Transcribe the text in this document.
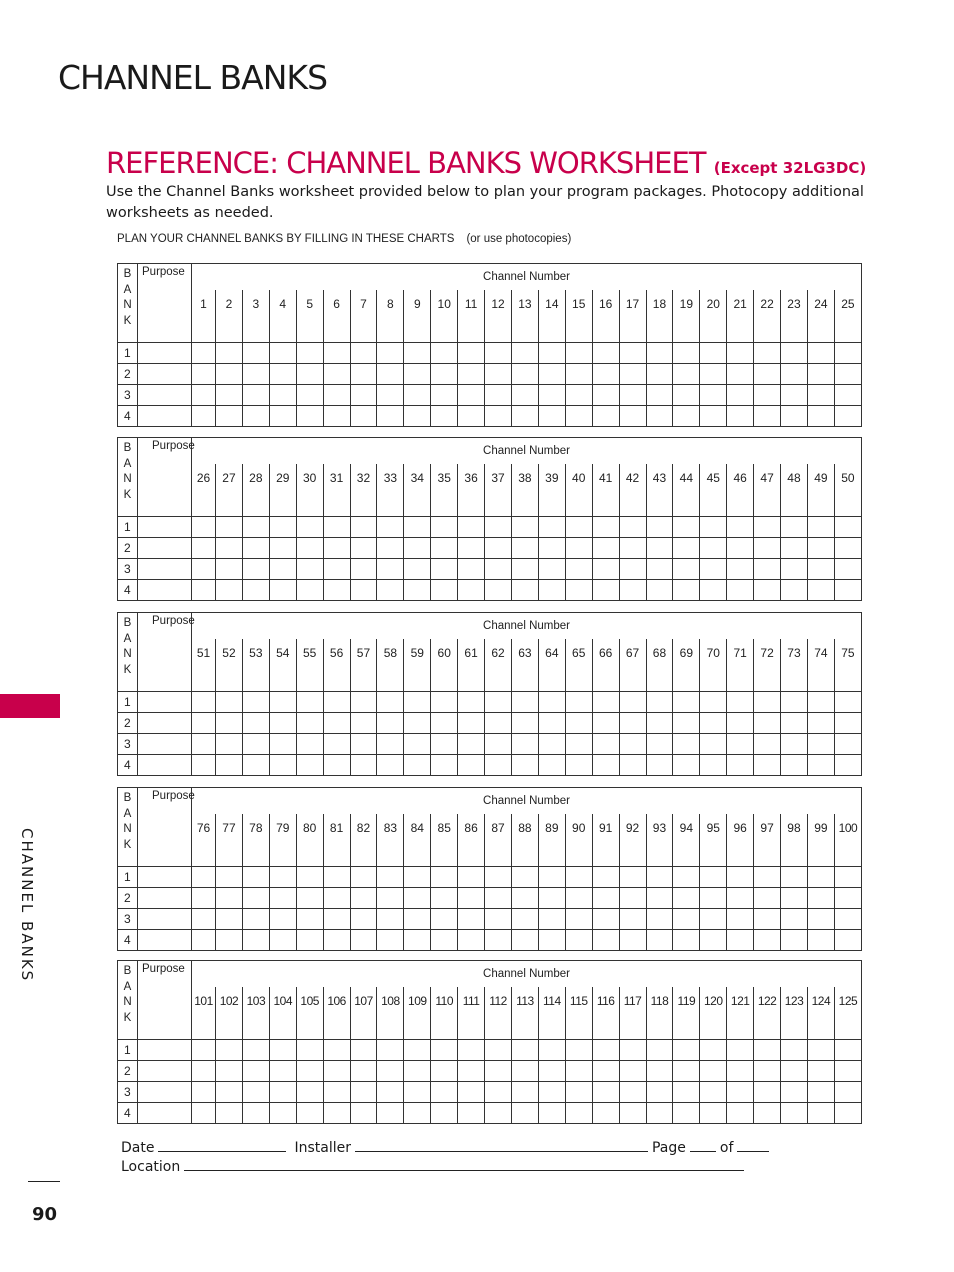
CHANNEL BANKS
REFERENCE: CHANNEL BANKS WORKSHEET (Except 32LG3DC)

Use the Channel Banks worksheet provided below to plan your program packages. Photocopy additional worksheets as needed.

PLAN YOUR CHANNEL BANKS BY FILLING IN THESE CHARTS (or use photocopies)
B
A
N
K	Purpose	Channel Number																								
		1	2	3	4	5	6	7	8	9	10	11	12	13	14	15	16	17	18	19	20	21	22	23	24	25
1																										
2																										
3																										
4																										
B
A
N
K	Purpose	Channel Number																								
		26	27	28	29	30	31	32	33	34	35	36	37	38	39	40	41	42	43	44	45	46	47	48	49	50
1																										
2																										
3																										
4																										
B
A
N
K	Purpose	Channel Number																								
		51	52	53	54	55	56	57	58	59	60	61	62	63	64	65	66	67	68	69	70	71	72	73	74	75
1																										
2																										
3																										
4																										
B
A
N
K	Purpose	Channel Number																								
		76	77	78	79	80	81	82	83	84	85	86	87	88	89	90	91	92	93	94	95	96	97	98	99	100
1																										
2																										
3																										
4																										
B
A
N
K	Purpose	Channel Number																								
		101	102	103	104	105	106	107	108	109	110	111	112	113	114	115	116	117	118	119	120	121	122	123	124	125
1																										
2																										
3																										
4																										
Date	Installer	Page of
Location
CHANNEL BANKS
90
